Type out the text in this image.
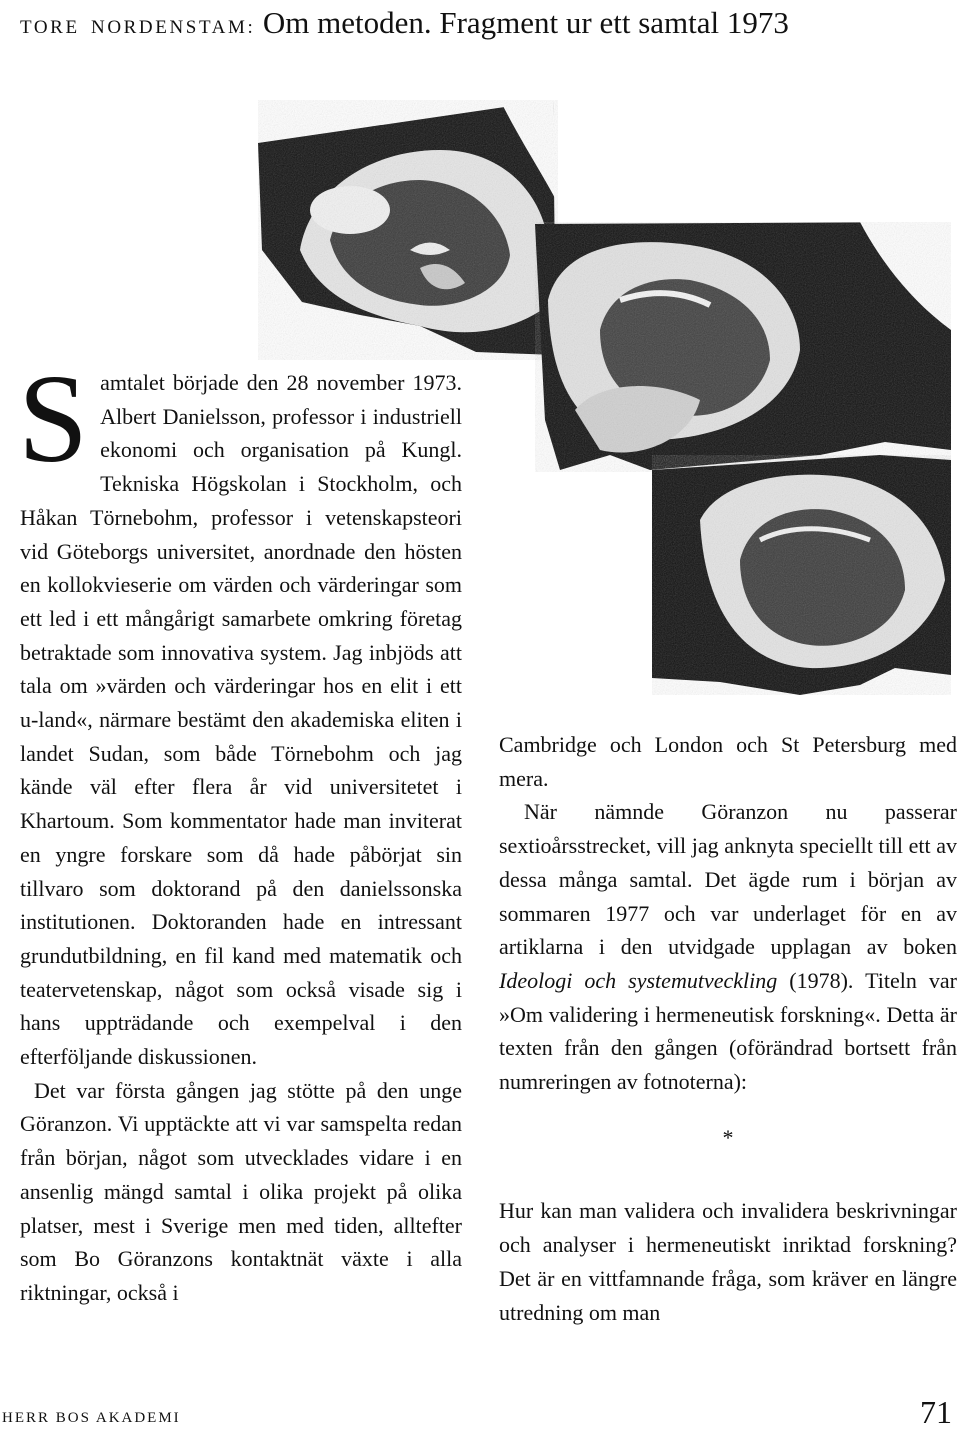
TORE NORDENSTAM: Om metoden. Fragment ur ett samtal 1973

Samtalet började den 28 november 1973. Albert Danielsson, professor i industriell ekonomi och organisation på Kungl. Tekniska Högskolan i Stockholm, och Håkan Törnebohm, professor i vetenskapsteori vid Göteborgs universitet, anordnade den hösten en kollokvieserie om värden och värderingar som ett led i ett mångårigt samarbete omkring företag betraktade som innovativa system. Jag inbjöds att tala om »värden och värderingar hos en elit i ett u-land«, närmare bestämt den akademiska eliten i landet Sudan, som både Törnebohm och jag kände väl efter flera år vid universitetet i Khartoum. Som kommentator hade man inviterat en yngre forskare som då hade påbörjat sin tillvaro som doktorand på den danielssonska institutionen. Doktoranden hade en intressant grundutbildning, en fil kand med matematik och teatervetenskap, något som också visade sig i hans uppträdande och exempelval i den efterföljande diskussionen.

Det var första gången jag stötte på den unge Göranzon. Vi upptäckte att vi var samspelta redan från början, något som utvecklades vidare i en ansenlig mängd samtal i olika projekt på olika platser, mest i Sverige men med tiden, alltefter som Bo Göranzons kontaktnät växte i alla riktningar, också i

Cambridge och London och St Petersburg med mera.

När nämnde Göranzon nu passerar sextioårsstrecket, vill jag anknyta speciellt till ett av dessa många samtal. Det ägde rum i början av sommaren 1977 och var underlaget för en av artiklarna i den utvidgade upplagan av boken Ideologi och systemutveckling (1978). Titeln var »Om validering i hermeneutisk forskning«. Detta är texten från den gången (oförändrad bortsett från numreringen av fotnoterna):

*

Hur kan man validera och invalidera beskrivningar och analyser i hermeneutiskt inriktad forskning? Det är en vittfamnande fråga, som kräver en längre utredning om man

HERR BOS AKADEMI	71
